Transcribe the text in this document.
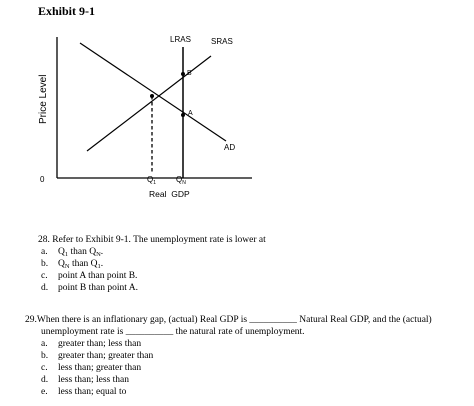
Exhibit 9-1
LRAS	SRAS
AD
A
B
0
Price Level
$Q_1$ $Q_N$
Real  GDP
28. Refer to Exhibit 9-1. The unemployment rate is lower at
a. $Q_1$ than $Q_N$.
b. $Q_N$ than $Q_1$.
c. point A than point B.
d. point B than point A.
29.When there is an inflationary gap, (actual) Real GDP is __________ Natural Real GDP, and the (actual)
unemployment rate is __________ the natural rate of unemployment.
a. greater than; less than
b. greater than; greater than
c. less than; greater than
d. less than; less than
e. less than; equal to
